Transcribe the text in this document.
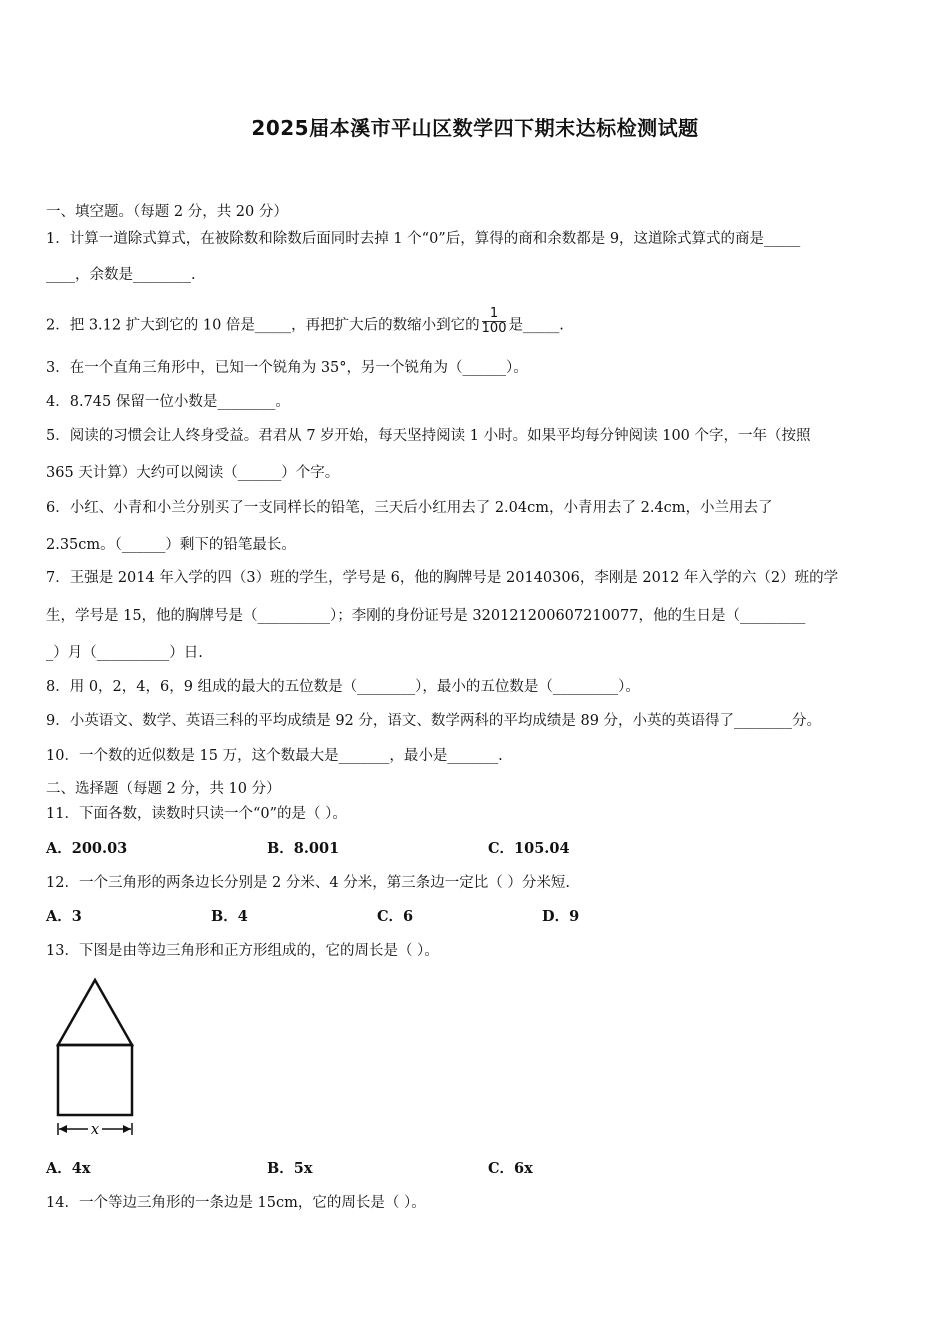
2025届本溪市平山区数学四下期末达标检测试题
一、填空题。（每题 2 分，共 20 分）
1．计算一道除式算式，在被除数和除数后面同时去掉 1 个“0”后，算得的商和余数都是 9，这道除式算式的商是_____
____，余数是________.
2．把 3.12 扩大到它的 10 倍是_____，再把扩大后的数缩小到它的 $\frac{1}{100}$ 是_____.
3．在一个直角三角形中，已知一个锐角为 35°，另一个锐角为（______）。
4．8.745 保留一位小数是________。
5．阅读的习惯会让人终身受益。君君从 7 岁开始，每天坚持阅读 1 小时。如果平均每分钟阅读 100 个字，一年（按照
365 天计算）大约可以阅读（______）个字。
6．小红、小青和小兰分别买了一支同样长的铅笔，三天后小红用去了 2.04cm，小青用去了 2.4cm，小兰用去了
2.35cm。（______）剩下的铅笔最长。
7．王强是 2014 年入学的四（3）班的学生，学号是 6，他的胸牌号是 20140306，李刚是 2012 年入学的六（2）班的学
生，学号是 15，他的胸牌号是（__________）；李刚的身份证号是 320121200607210077，他的生日是（_________
_）月（__________）日.
8．用 0，2，4，6，9 组成的最大的五位数是（________），最小的五位数是（_________）。
9．小英语文、数学、英语三科的平均成绩是 92 分，语文、数学两科的平均成绩是 89 分，小英的英语得了________分。
10．一个数的近似数是 15 万，这个数最大是_______，最小是_______.
二、选择题（每题 2 分，共 10 分）
11．下面各数，读数时只读一个“0”的是（ ）。
A．200.03	B．8.001	C．105.04
12．一个三角形的两条边长分别是 2 分米、4 分米，第三条边一定比（ ）分米短.
A．3	B．4	C．6	D．9
13．下图是由等边三角形和正方形组成的，它的周长是（ ）。
x
A．4x	B．5x	C．6x
14．一个等边三角形的一条边是 15cm，它的周长是（ ）。
